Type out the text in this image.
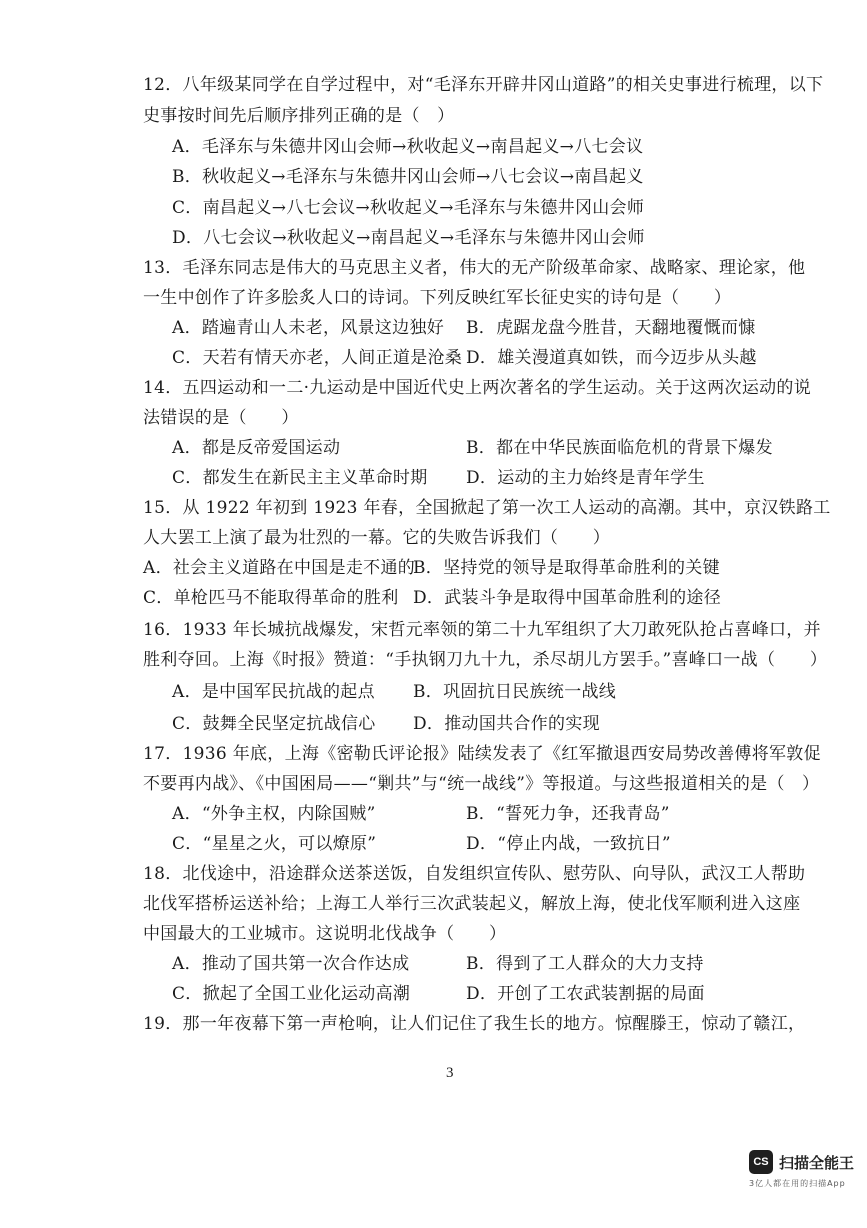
12．八年级某同学在自学过程中，对“毛泽东开辟井冈山道路”的相关史事进行梳理，以下
史事按时间先后顺序排列正确的是（　）
A．毛泽东与朱德井冈山会师→秋收起义→南昌起义→八七会议
B．秋收起义→毛泽东与朱德井冈山会师→八七会议→南昌起义
C．南昌起义→八七会议→秋收起义→毛泽东与朱德井冈山会师
D．八七会议→秋收起义→南昌起义→毛泽东与朱德井冈山会师
13．毛泽东同志是伟大的马克思主义者，伟大的无产阶级革命家、战略家、理论家，他
一生中创作了许多脍炙人口的诗词。下列反映红军长征史实的诗句是（　　）
A．踏遍青山人未老，风景这边独好 B．虎踞龙盘今胜昔，天翻地覆慨而慷
C．天若有情天亦老，人间正道是沧桑 D．雄关漫道真如铁，而今迈步从头越
14．五四运动和一二·九运动是中国近代史上两次著名的学生运动。关于这两次运动的说
法错误的是（　　）
A．都是反帝爱国运动	B．都在中华民族面临危机的背景下爆发
C．都发生在新民主主义革命时期 D．运动的主力始终是青年学生
15．从 1922 年初到 1923 年春，全国掀起了第一次工人运动的高潮。其中，京汉铁路工
人大罢工上演了最为壮烈的一幕。它的失败告诉我们（　　）
A．社会主义道路在中国是走不通的
B．坚持党的领导是取得革命胜利的关键
C．单枪匹马不能取得革命的胜利 D．武装斗争是取得中国革命胜利的途径
16．1933 年长城抗战爆发，宋哲元率领的第二十九军组织了大刀敢死队抢占喜峰口，并
胜利夺回。上海《时报》赞道：“手执钢刀九十九，杀尽胡儿方罢手。”喜峰口一战（　　）
A．是中国军民抗战的起点 B．巩固抗日民族统一战线
C．鼓舞全民坚定抗战信心 D．推动国共合作的实现
17．1936 年底，上海《密勒氏评论报》陆续发表了《红军撤退西安局势改善傅将军敦促
不要再内战》、《中国困局——“剿共”与“统一战线”》等报道。与这些报道相关的是（　）
A．“外争主权，内除国贼”	B．“誓死力争，还我青岛”
C．“星星之火，可以燎原”	D．“停止内战，一致抗日”
18．北伐途中，沿途群众送茶送饭，自发组织宣传队、慰劳队、向导队，武汉工人帮助
北伐军搭桥运送补给；上海工人举行三次武装起义，解放上海，使北伐军顺利进入这座
中国最大的工业城市。这说明北伐战争（　　）
A．推动了国共第一次合作达成	B．得到了工人群众的大力支持
C．掀起了全国工业化运动高潮	D．开创了工农武装割据的局面
19．那一年夜幕下第一声枪响，让人们记住了我生长的地方。惊醒滕王，惊动了赣江，
3
CS 扫描全能王
3亿人都在用的扫描App
